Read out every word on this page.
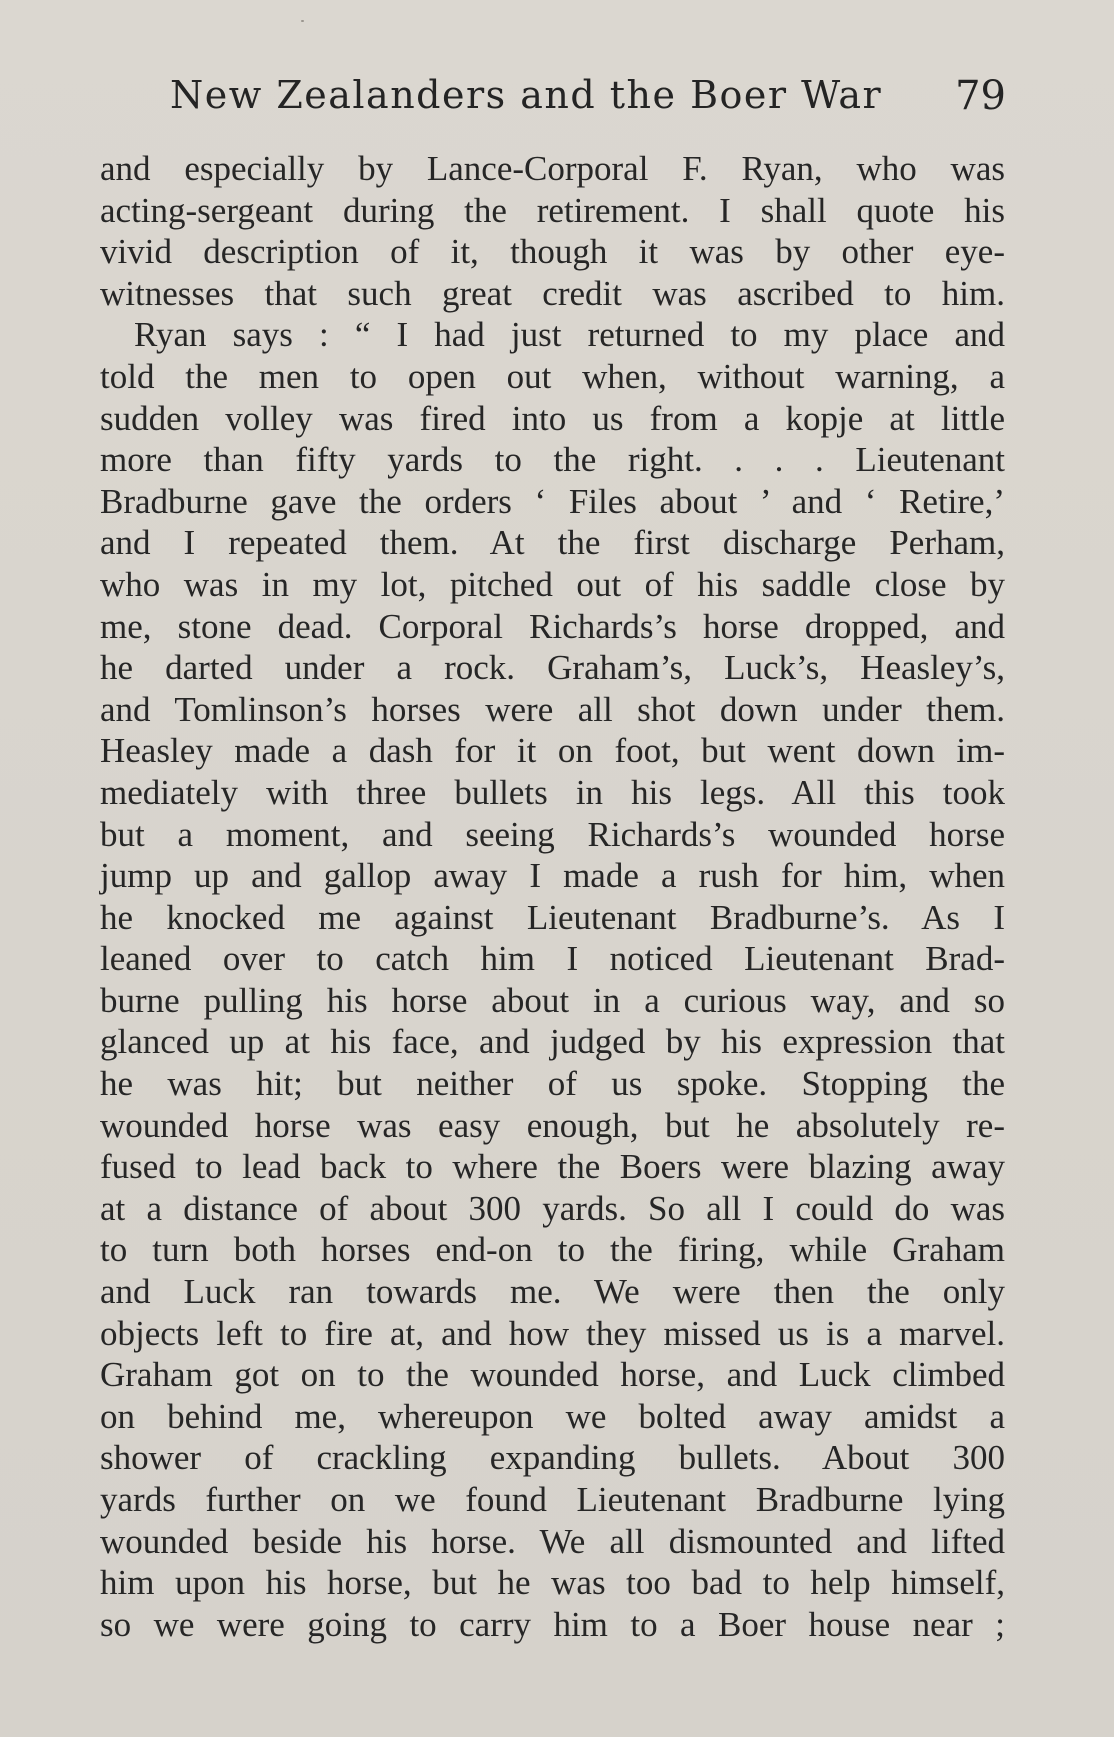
New Zealanders and the Boer War 79
and especially by Lance-Corporal F. Ryan, who was
acting-sergeant during the retirement. I shall quote his
vivid description of it, though it was by other eye-
witnesses that such great credit was ascribed to him.
Ryan says : “ I had just returned to my place and
told the men to open out when, without warning, a
sudden volley was fired into us from a kopje at little
more than fifty yards to the right. . . . Lieutenant
Bradburne gave the orders ‘ Files about ’ and ‘ Retire,’
and I repeated them. At the first discharge Perham,
who was in my lot, pitched out of his saddle close by
me, stone dead. Corporal Richards’s horse dropped, and
he darted under a rock. Graham’s, Luck’s, Heasley’s,
and Tomlinson’s horses were all shot down under them.
Heasley made a dash for it on foot, but went down im-
mediately with three bullets in his legs. All this took
but a moment, and seeing Richards’s wounded horse
jump up and gallop away I made a rush for him, when
he knocked me against Lieutenant Bradburne’s. As I
leaned over to catch him I noticed Lieutenant Brad-
burne pulling his horse about in a curious way, and so
glanced up at his face, and judged by his expression that
he was hit; but neither of us spoke. Stopping the
wounded horse was easy enough, but he absolutely re-
fused to lead back to where the Boers were blazing away
at a distance of about 300 yards. So all I could do was
to turn both horses end-on to the firing, while Graham
and Luck ran towards me. We were then the only
objects left to fire at, and how they missed us is a marvel.
Graham got on to the wounded horse, and Luck climbed
on behind me, whereupon we bolted away amidst a
shower of crackling expanding bullets. About 300
yards further on we found Lieutenant Bradburne lying
wounded beside his horse. We all dismounted and lifted
him upon his horse, but he was too bad to help himself,
so we were going to carry him to a Boer house near ;
